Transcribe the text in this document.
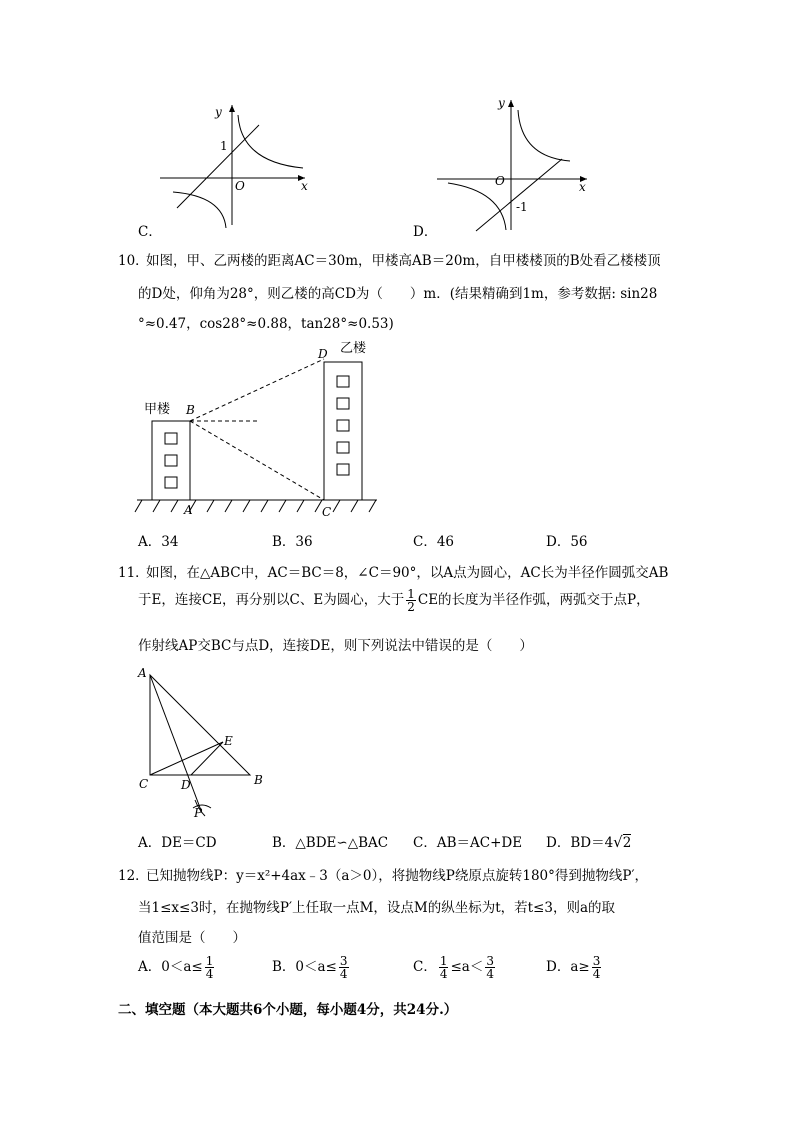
y
x
O
1
C．
y
x
O
-1
D．
10．
如图，甲、乙两楼的距离AC＝30m，甲楼高AB＝20m，自甲楼楼顶的B处看乙楼楼顶
的D处，仰角为28°，则乙楼的高CD为（　　）m．(结果精确到1m，参考数据: sin28
°≈0.47，cos28°≈0.88，tan28°≈0.53)
甲楼
乙楼
B
D
A	C
A．34	B．36	C．46	D．56
11．
如图，在△ABC中，AC＝BC＝8，∠C＝90°，以A点为圆心，AC长为半径作圆弧交AB
于E，连接CE，再分别以C、E为圆心，大于 $\frac{1}{2}$ CE的长度为半径作弧，两弧交于点P，
作射线AP交BC与点D，连接DE，则下列说法中错误的是（　　）
A
C	D	B
E
P
A．DE＝CD	B．△BDE∽△BAC C．AB＝AC+DE D．BD＝4√2
12．
已知抛物线P：y＝x²+4ax﹣3（a＞0），将抛物线P绕原点旋转180°得到抛物线P′，
当1≤x≤3时，在抛物线P′上任取一点M，设点M的纵坐标为t，若t≤3，则a的取
值范围是（　　）
A．$0<a\le \frac{1}{4}$	B．$0<a\le \frac{3}{4}$	C． $\frac{1}{4} \le a< \frac{3}{4}$	D．$a\ge \frac{3}{4}$
二、填空题（本大题共6个小题，每小题4分，共24分.）
